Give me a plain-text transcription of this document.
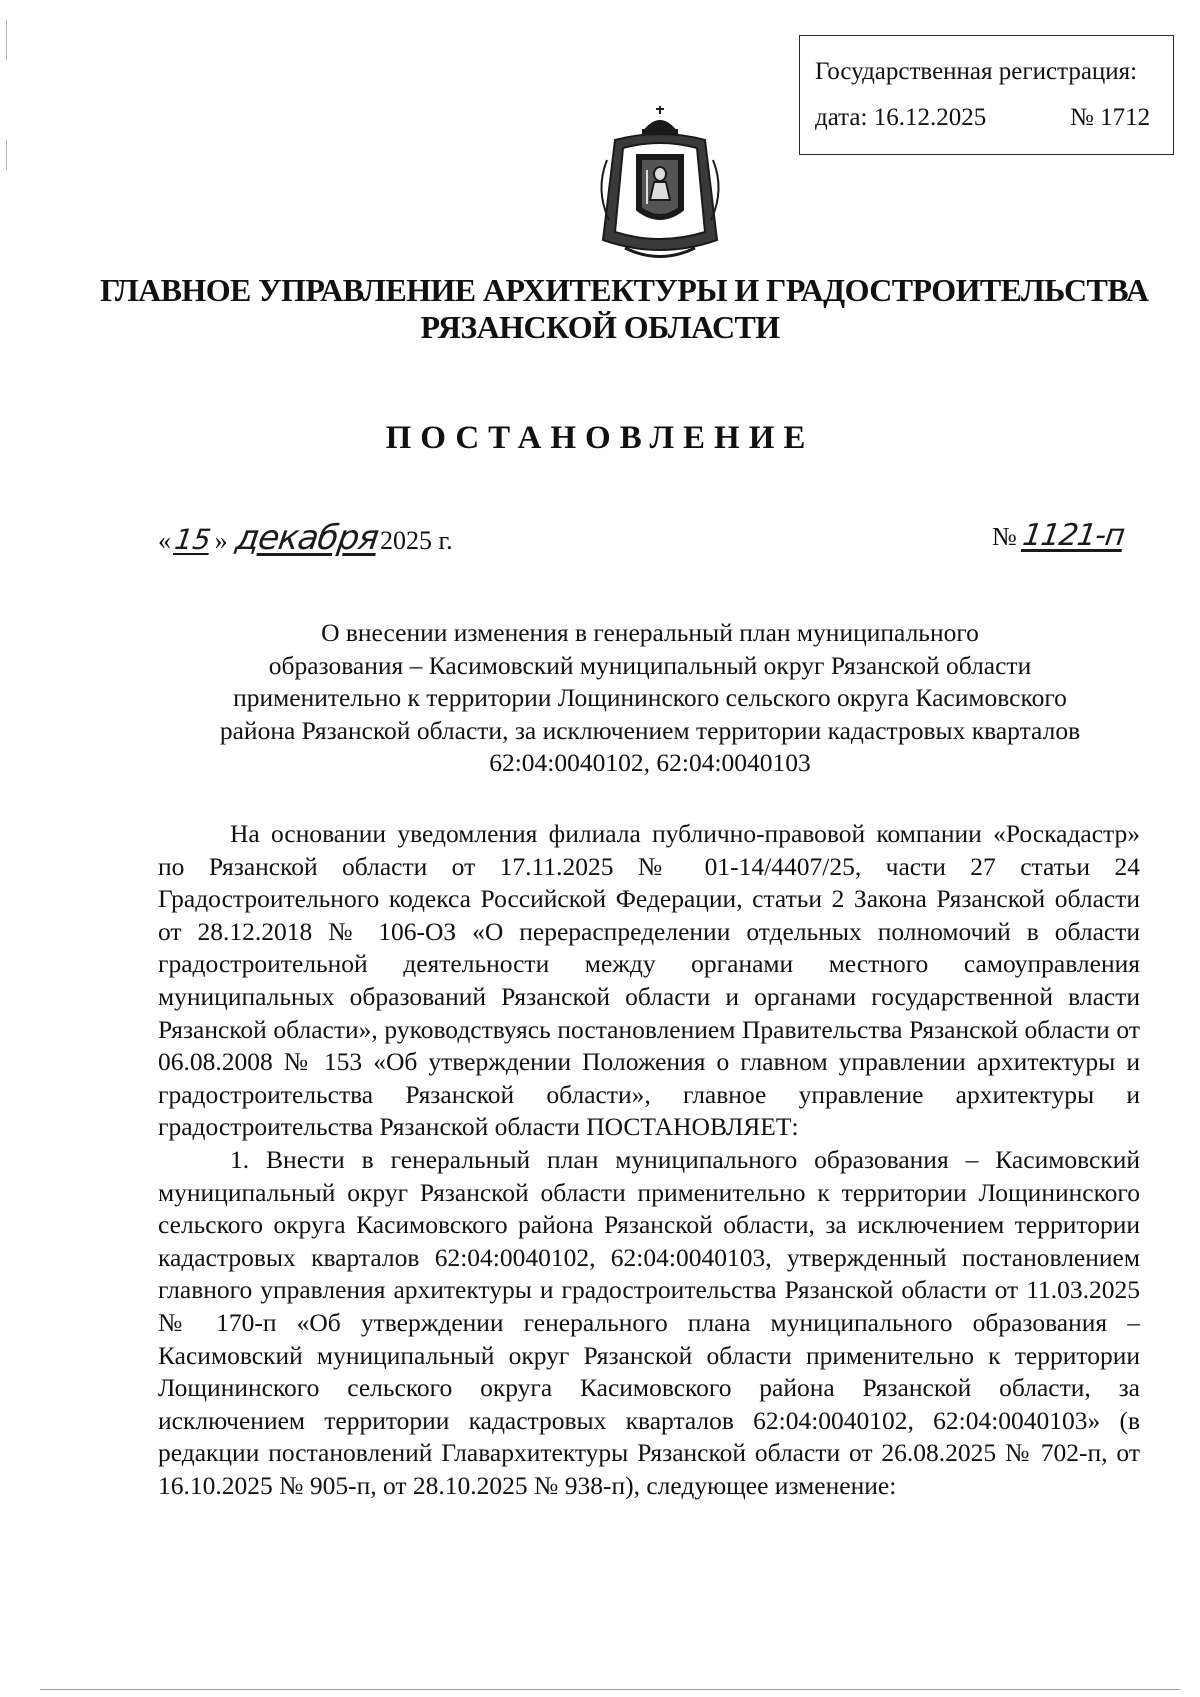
Государственная регистрация:
дата: 16.12.2025	№ 1712
ГЛАВНОЕ УПРАВЛЕНИЕ АРХИТЕКТУРЫ И ГРАДОСТРОИТЕЛЬСТВА
РЯЗАНСКОЙ ОБЛАСТИ
ПОСТАНОВЛЕНИЕ
«15» декабря2025 г.	№ 1121-п
О внесении изменения в генеральный план муниципального
образования – Касимовский муниципальный округ Рязанской области
применительно к территории Лощининского сельского округа Касимовского
района Рязанской области, за исключением территории кадастровых кварталов
62:04:0040102, 62:04:0040103

На основании уведомления филиала публично-правовой компании «Роскадастр» по Рязанской области от 17.11.2025 № 01-14/4407/25, части 27 статьи 24 Градостроительного кодекса Российской Федерации, статьи 2 Закона Рязанской области от 28.12.2018 № 106-ОЗ «О перераспределении отдельных полномочий в области градостроительной деятельности между органами местного самоуправления муниципальных образований Рязанской области и органами государственной власти Рязанской области», руководствуясь постановлением Правительства Рязанской области от 06.08.2008 № 153 «Об утверждении Положения о главном управлении архитектуры и градостроительства Рязанской области», главное управление архитектуры и градостроительства Рязанской области ПОСТАНОВЛЯЕТ:

1. Внести в генеральный план муниципального образования – Касимовский муниципальный округ Рязанской области применительно к территории Лощининского сельского округа Касимовского района Рязанской области, за исключением территории кадастровых кварталов 62:04:0040102, 62:04:0040103, утвержденный постановлением главного управления архитектуры и градостроительства Рязанской области от 11.03.2025 № 170-п «Об утверждении генерального плана муниципального образования – Касимовский муниципальный округ Рязанской области применительно к территории Лощининского сельского округа Касимовского района Рязанской области, за исключением территории кадастровых кварталов 62:04:0040102, 62:04:0040103» (в редакции постановлений Главархитектуры Рязанской области от 26.08.2025 № 702-п, от 16.10.2025 № 905-п, от 28.10.2025 № 938-п), следующее изменение:
